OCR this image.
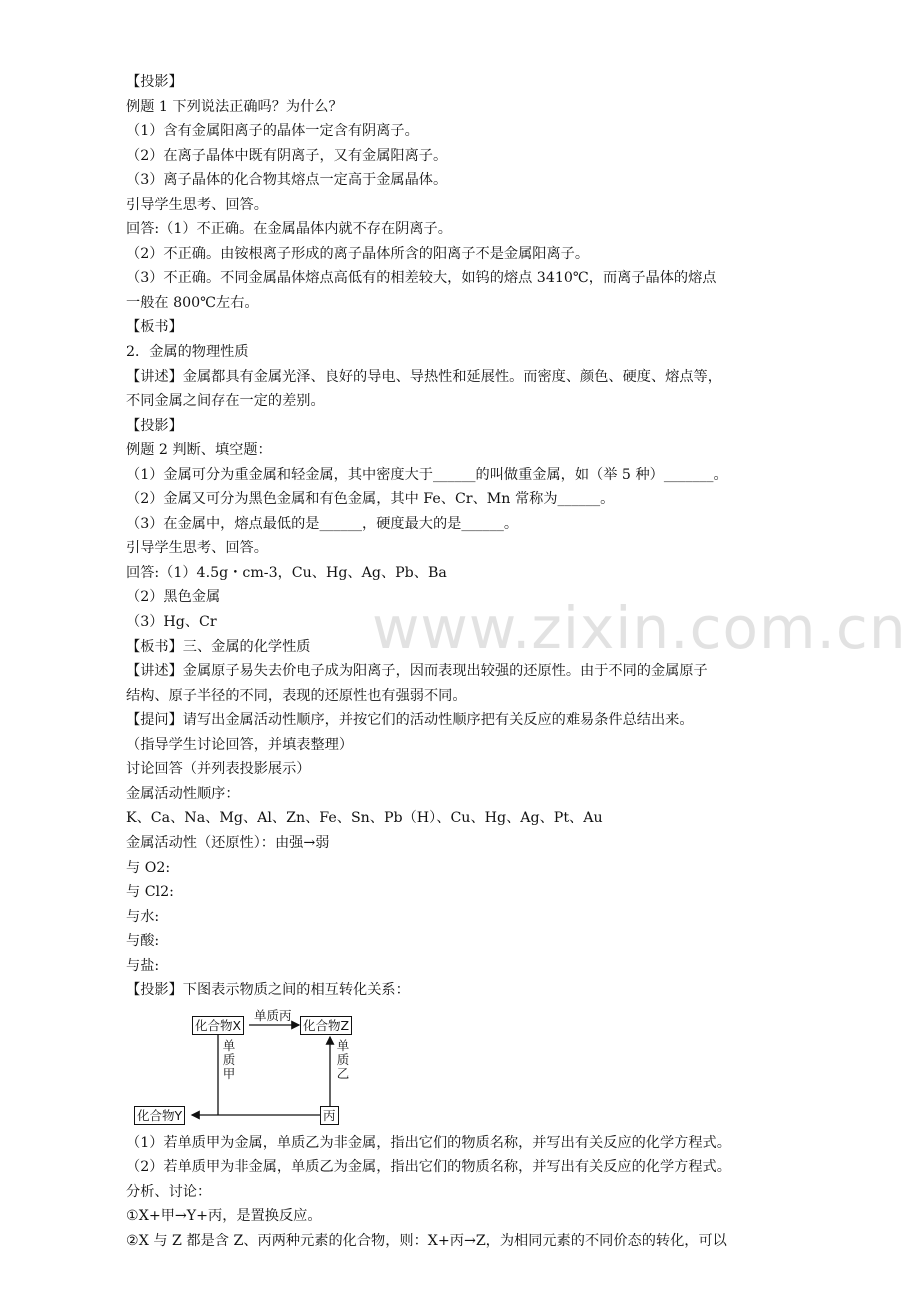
www.zixin.com.cn
【投影】
例题 1 下列说法正确吗？为什么？
（1）含有金属阳离子的晶体一定含有阴离子。
（2）在离子晶体中既有阴离子，又有金属阳离子。
（3）离子晶体的化合物其熔点一定高于金属晶体。
引导学生思考、回答。
回答:（1）不正确。在金属晶体内就不存在阴离子。
（2）不正确。由铵根离子形成的离子晶体所含的阳离子不是金属阳离子。
（3）不正确。不同金属晶体熔点高低有的相差较大，如钨的熔点 3410℃，而离子晶体的熔点
一般在 800℃左右。
【板书】
2．金属的物理性质
【讲述】金属都具有金属光泽、良好的导电、导热性和延展性。而密度、颜色、硬度、熔点等，
不同金属之间存在一定的差别。
【投影】
例题 2 判断、填空题：
（1）金属可分为重金属和轻金属，其中密度大于______的叫做重金属，如（举 5 种）_______。
（2）金属又可分为黑色金属和有色金属，其中 Fe、Cr、Mn 常称为______。
（3）在金属中，熔点最低的是______，硬度最大的是______。
引导学生思考、回答。
回答:（1）4.5g・cm-3，Cu、Hg、Ag、Pb、Ba
（2）黑色金属
（3）Hg、Cr
【板书】三、金属的化学性质
【讲述】金属原子易失去价电子成为阳离子，因而表现出较强的还原性。由于不同的金属原子
结构、原子半径的不同，表现的还原性也有强弱不同。
【提问】请写出金属活动性顺序，并按它们的活动性顺序把有关反应的难易条件总结出来。
（指导学生讨论回答，并填表整理）
讨论回答（并列表投影展示）
金属活动性顺序：
K、Ca、Na、Mg、Al、Zn、Fe、Sn、Pb（H）、Cu、Hg、Ag、Pt、Au
金属活动性（还原性）：由强→弱
与 O2:
与 Cl2:
与水:
与酸:
与盐:
【投影】下图表示物质之间的相互转化关系：
化合物X	化合物Z
化合物Y	丙
单质丙
单
质
甲
单
质
乙
（1）若单质甲为金属，单质乙为非金属，指出它们的物质名称，并写出有关反应的化学方程式。
（2）若单质甲为非金属，单质乙为金属，指出它们的物质名称，并写出有关反应的化学方程式。
分析、讨论：
①X+甲→Y+丙，是置换反应。
②X 与 Z 都是含 Z、丙两种元素的化合物，则：X+丙→Z，为相同元素的不同价态的转化，可以
